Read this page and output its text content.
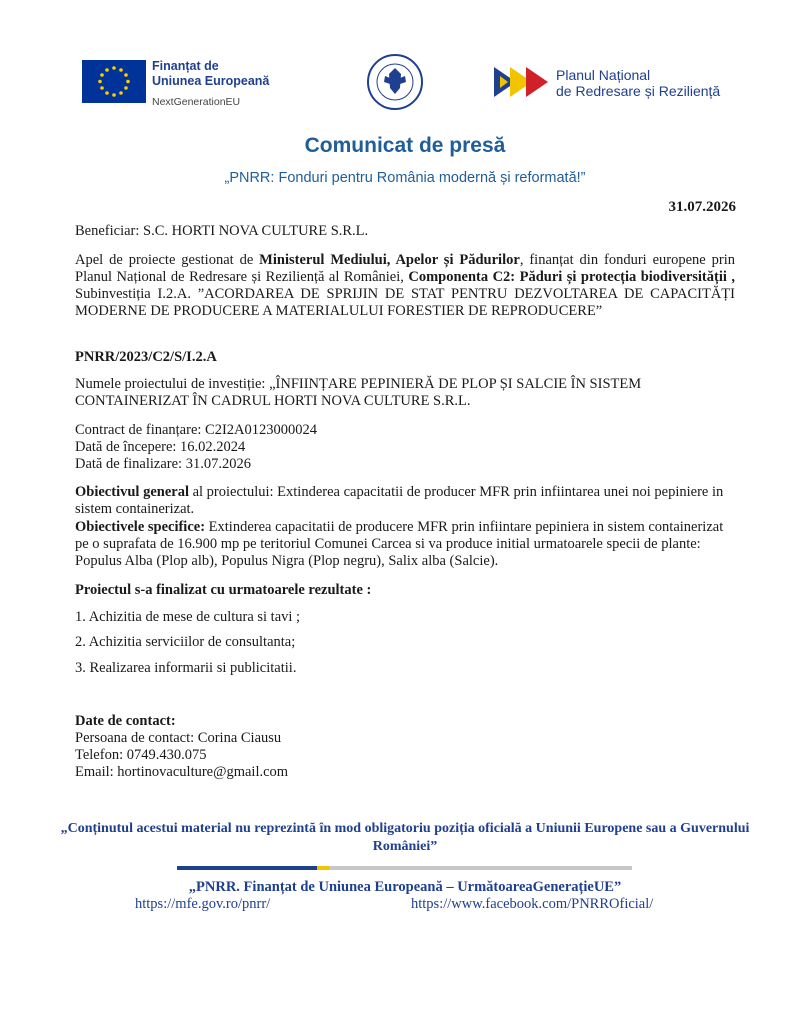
Finanțat de
Uniunea Europeană
NextGenerationEU
Planul Național
de Redresare și Reziliență
Comunicat de presă
„PNRR: Fonduri pentru România modernă și reformată!”
31.07.2026
Beneficiar: S.C. HORTI NOVA CULTURE S.R.L.
Apel de proiecte gestionat de Ministerul Mediului, Apelor și Pădurilor, finanțat din fonduri europene prin Planul Național de Redresare și Reziliență al României, Componenta C2: Păduri și protecția biodiversității , Subinvestiția I.2.A. ”ACORDAREA DE SPRIJIN DE STAT PENTRU DEZVOLTAREA DE CAPACITĂȚI MODERNE DE PRODUCERE A MATERIALULUI FORESTIER DE REPRODUCERE”
PNRR/2023/C2/S/I.2.A
Numele proiectului de investiție: „ÎNFIINȚARE PEPINIERĂ DE PLOP ȘI SALCIE ÎN SISTEM CONTAINERIZAT ÎN CADRUL HORTI NOVA CULTURE S.R.L.
Contract de finanțare: C2I2A0123000024
Dată de începere: 16.02.2024
Dată de finalizare: 31.07.2026
Obiectivul general al proiectului: Extinderea capacitatii de producer MFR prin infiintarea unei noi pepiniere in sistem containerizat.
Obiectivele specifice: Extinderea capacitatii de producere MFR prin infiintare pepiniera in sistem containerizat pe o suprafata de 16.900 mp pe teritoriul Comunei Carcea si va produce initial urmatoarele specii de plante: Populus Alba (Plop alb), Populus Nigra (Plop negru), Salix alba (Salcie).
Proiectul s-a finalizat cu urmatoarele rezultate :
1. Achizitia de mese de cultura si tavi ;
2. Achizitia serviciilor de consultanta;
3. Realizarea informarii si publicitatii.
Date de contact:
Persoana de contact: Corina Ciausu
Telefon: 0749.430.075
Email: hortinovaculture@gmail.com
„Conținutul acestui material nu reprezintă în mod obligatoriu poziția oficială a Uniunii Europene sau a Guvernului României”
„PNRR. Finanțat de Uniunea Europeană – UrmătoareaGenerațieUE”
https://mfe.gov.ro/pnrr/	https://www.facebook.com/PNRROficial/
